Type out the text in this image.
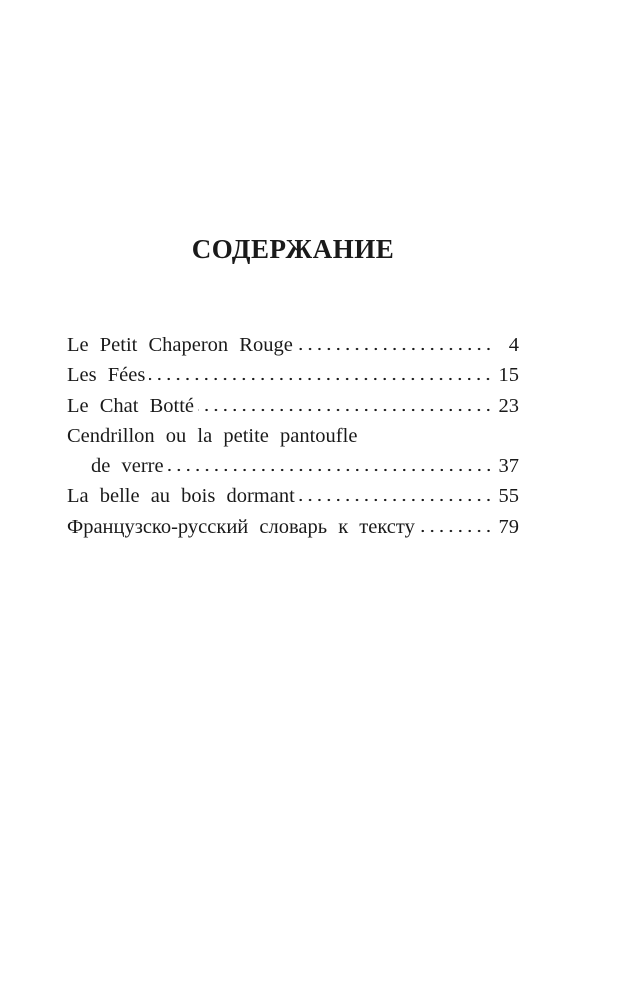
СОДЕРЖАНИЕ
Le Petit Chaperon Rouge	4
Les Fées	15
Le Chat Botté	23
Cendrillon ou la petite pantoufle
de verre	37
La belle au bois dormant	55
Французско-русский словарь к тексту	79
